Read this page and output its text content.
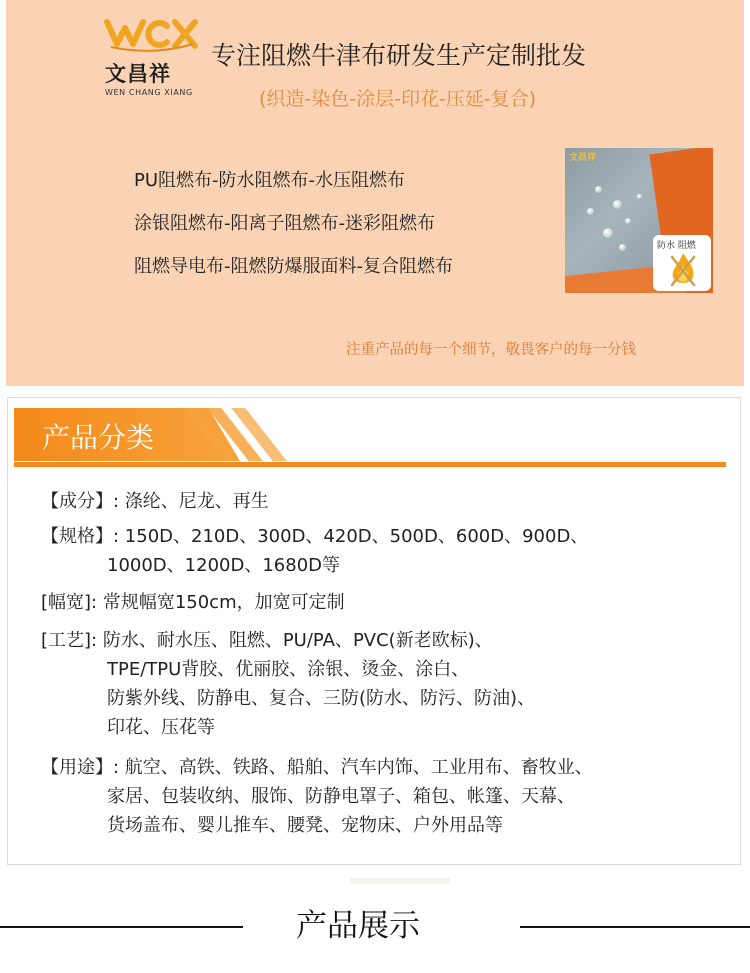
文昌祥
WEN CHANG XIANG
专注阻燃牛津布研发生产定制批发
(织造-染色-涂层-印花-压延-复合)
PU阻燃布-防水阻燃布-水压阻燃布
涂银阻燃布-阳离子阻燃布-迷彩阻燃布
阻燃导电布-阻燃防爆服面料-复合阻燃布
文昌祥
防水 阻燃
注重产品的每一个细节，敬畏客户的每一分钱
产品分类
【成分】: 涤纶、尼龙、再生
【规格】: 150D、210D、300D、420D、500D、600D、900D、
1000D、1200D、1680D等
[幅宽]: 常规幅宽150cm，加宽可定制
[工艺]: 防水、耐水压、阻燃、PU/PA、PVC(新老欧标)、
TPE/TPU背胶、优丽胶、涂银、烫金、涂白、
防紫外线、防静电、复合、三防(防水、防污、防油)、
印花、压花等
【用途】: 航空、高铁、铁路、船舶、汽车内饰、工业用布、畜牧业、
家居、包装收纳、服饰、防静电罩子、箱包、帐篷、天幕、
货场盖布、婴儿推车、腰凳、宠物床、户外用品等
产品展示
